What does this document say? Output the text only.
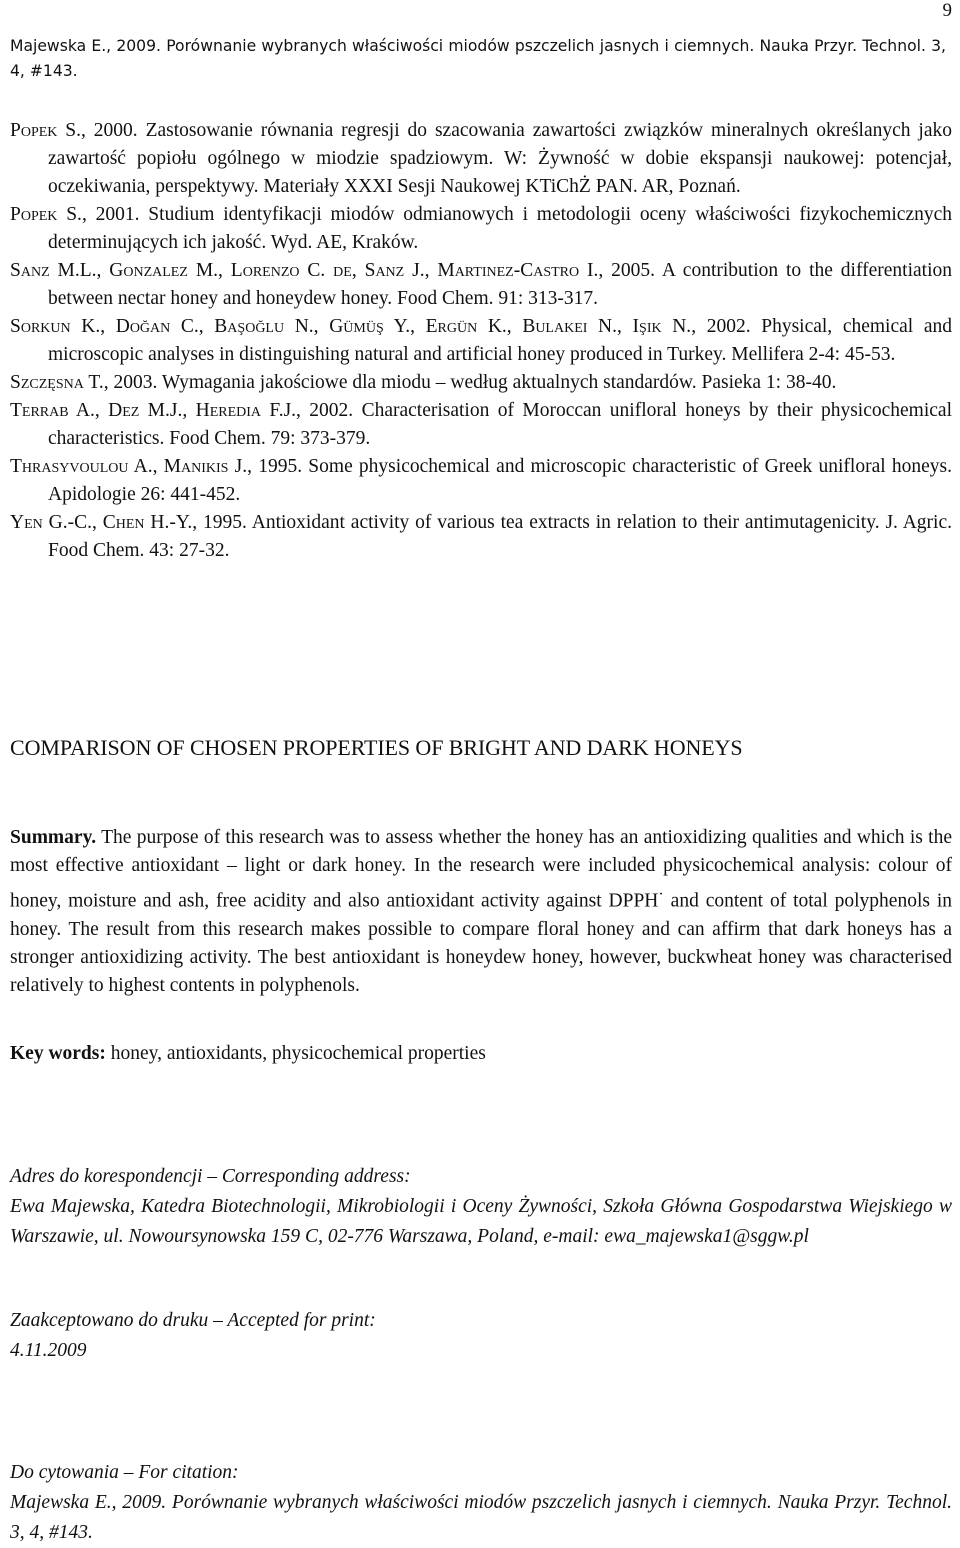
9
Majewska E., 2009. Porównanie wybranych właściwości miodów pszczelich jasnych i ciemnych. Nauka Przyr. Technol. 3, 4, #143.

Popek S., 2000. Zastosowanie równania regresji do szacowania zawartości związków mineralnych określanych jako zawartość popiołu ogólnego w miodzie spadziowym. W: Żywność w dobie ekspansji naukowej: potencjał, oczekiwania, perspektywy. Materiały XXXI Sesji Naukowej KTiChŻ PAN. AR, Poznań.

Popek S., 2001. Studium identyfikacji miodów odmianowych i metodologii oceny właściwości fizykochemicznych determinujących ich jakość. Wyd. AE, Kraków.

Sanz M.L., Gonzalez M., Lorenzo C. de, Sanz J., Martinez-Castro I., 2005. A contribution to the differentiation between nectar honey and honeydew honey. Food Chem. 91: 313-317.

Sorkun K., Doğan C., Başoğlu N., Gümüş Y., Ergün K., Bulakei N., Işik N., 2002. Physical, chemical and microscopic analyses in distinguishing natural and artificial honey produced in Turkey. Mellifera 2-4: 45-53.

Szczęsna T., 2003. Wymagania jakościowe dla miodu – według aktualnych standardów. Pasieka 1: 38-40.

Terrab A., Dez M.J., Heredia F.J., 2002. Characterisation of Moroccan unifloral honeys by their physicochemical characteristics. Food Chem. 79: 373-379.

Thrasyvoulou A., Manikis J., 1995. Some physicochemical and microscopic characteristic of Greek unifloral honeys. Apidologie 26: 441-452.

Yen G.-C., Chen H.-Y., 1995. Antioxidant activity of various tea extracts in relation to their antimutagenicity. J. Agric. Food Chem. 43: 27-32.

COMPARISON OF CHOSEN PROPERTIES OF BRIGHT AND DARK HONEYS

Summary. The purpose of this research was to assess whether the honey has an antioxidizing qualities and which is the most effective antioxidant – light or dark honey. In the research were included physicochemical analysis: colour of honey, moisture and ash, free acidity and also antioxidant activity against DPPH· and content of total polyphenols in honey. The result from this research makes possible to compare floral honey and can affirm that dark honeys has a stronger antioxidizing activity. The best antioxidant is honeydew honey, however, buckwheat honey was characterised relatively to highest contents in polyphenols.

Key words: honey, antioxidants, physicochemical properties

Adres do korespondencji – Corresponding address:

Ewa Majewska, Katedra Biotechnologii, Mikrobiologii i Oceny Żywności, Szkoła Główna Gospodarstwa Wiejskiego w Warszawie, ul. Nowoursynowska 159 C, 02-776 Warszawa, Poland, e-mail: ewa_majewska1@sggw.pl

Zaakceptowano do druku – Accepted for print:
4.11.2009

Do cytowania – For citation:
Majewska E., 2009. Porównanie wybranych właściwości miodów pszczelich jasnych i ciemnych. Nauka Przyr. Technol. 3, 4, #143.
